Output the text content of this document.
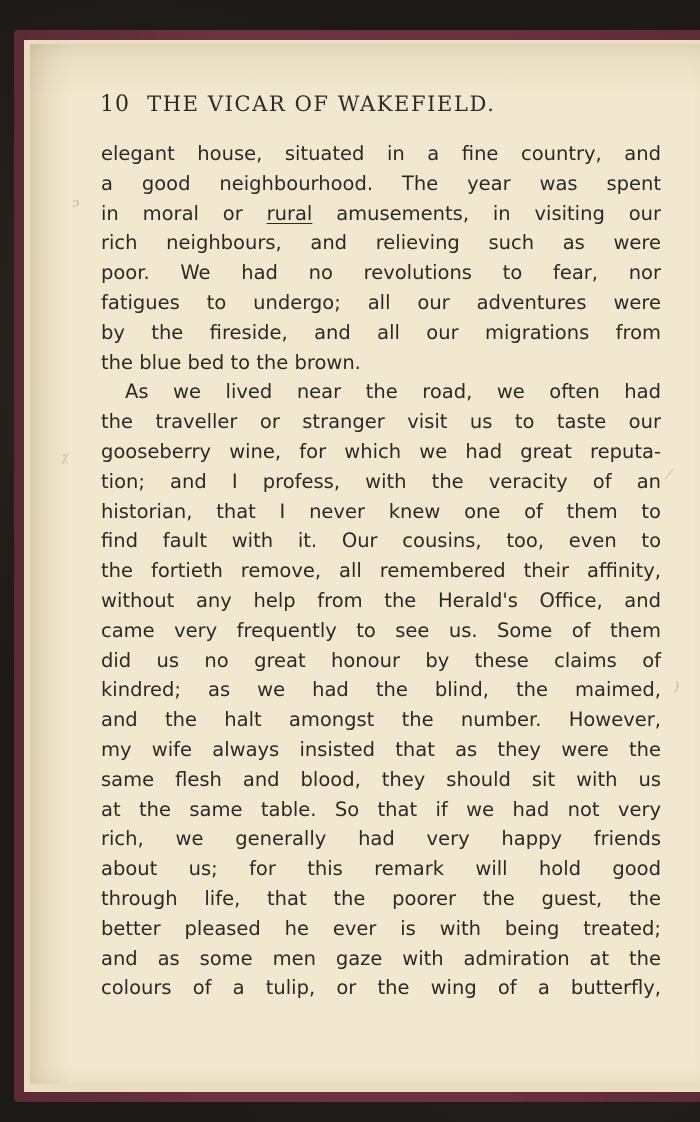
10 THE VICAR OF WAKEFIELD.
elegant house, situated in a fine country, and
a good neighbourhood. The year was spent
in moral or rural amusements, in visiting our
rich neighbours, and relieving such as were
poor. We had no revolutions to fear, nor
fatigues to undergo; all our adventures were
by the fireside, and all our migrations from
the blue bed to the brown.
As we lived near the road, we often had
the traveller or stranger visit us to taste our
gooseberry wine, for which we had great reputa-
tion; and I profess, with the veracity of an
historian, that I never knew one of them to
find fault with it. Our cousins, too, even to
the fortieth remove, all remembered their affinity,
without any help from the Herald's Office, and
came very frequently to see us. Some of them
did us no great honour by these claims of
kindred; as we had the blind, the maimed,
and the halt amongst the number. However,
my wife always insisted that as they were the
same flesh and blood, they should sit with us
at the same table. So that if we had not very
rich, we generally had very happy friends
about us; for this remark will hold good
through life, that the poorer the guest, the
better pleased he ever is with being treated;
and as some men gaze with admiration at the
colours of a tulip, or the wing of a butterfly,
ↄ
⁒
⁄
)
